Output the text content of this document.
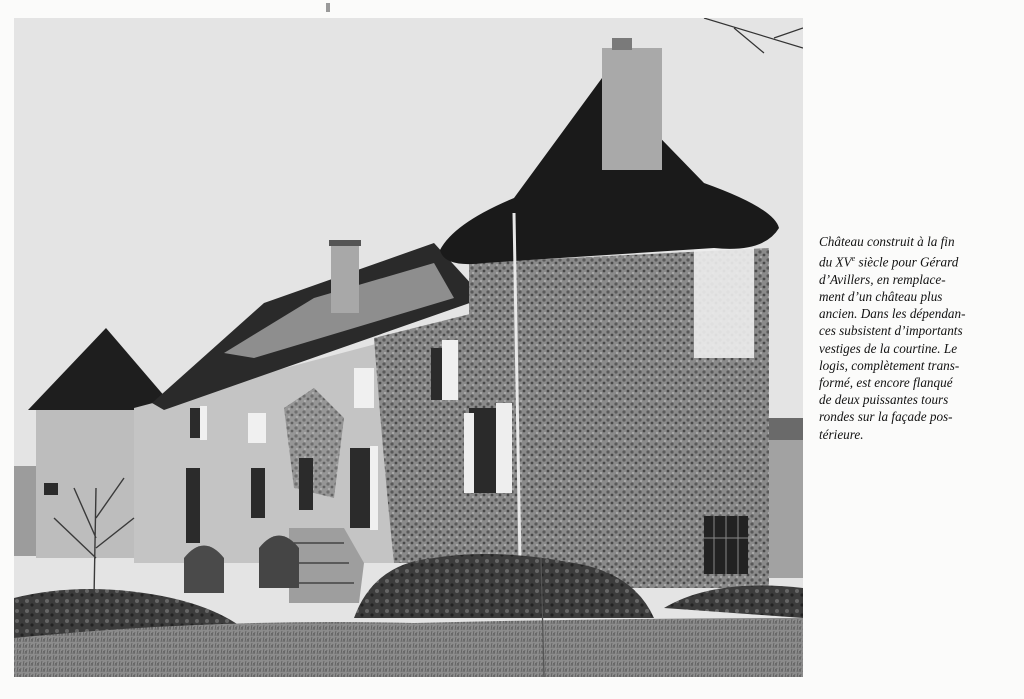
Château construit à la fin
du XVe siècle pour Gérard
d’Avillers, en remplace-
ment d’un château plus
ancien. Dans les dépendan-
ces subsistent d’importants
vestiges de la courtine. Le
logis, complètement trans-
formé, est encore flanqué
de deux puissantes tours
rondes sur la façade pos-
térieure.
